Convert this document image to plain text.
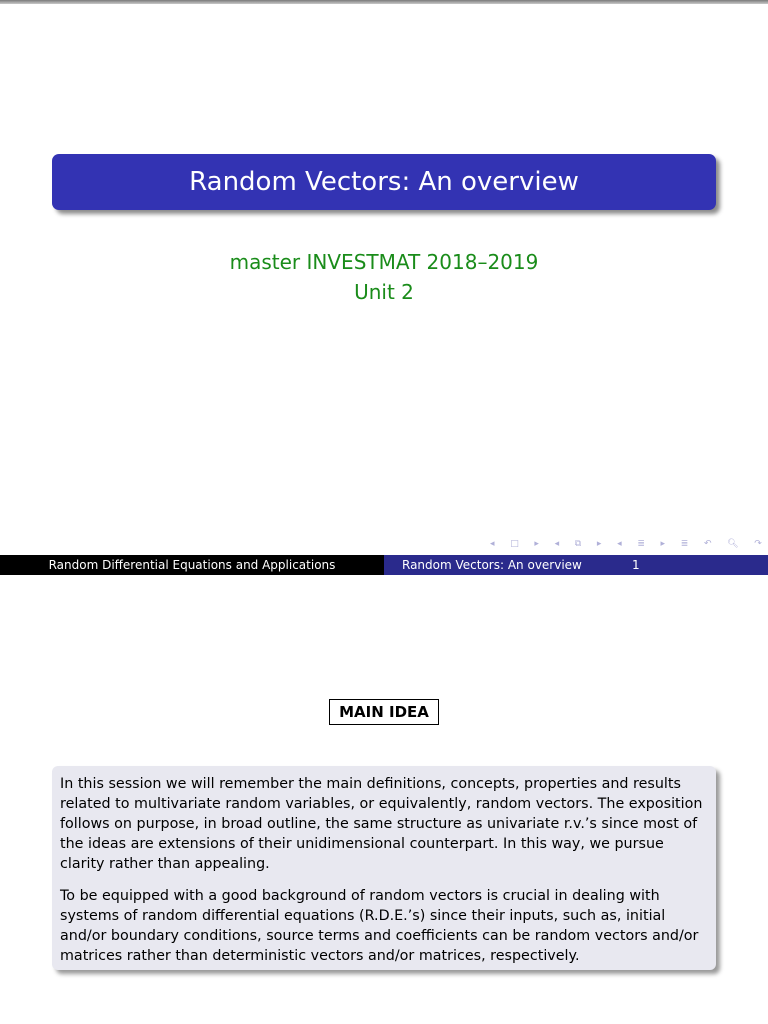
Random Vectors: An overview
master INVESTMAT 2018–2019
Unit 2
◂ □ ▸ ◂ ⧉ ▸ ◂ ≣ ▸ ≣ ↶ 🔍︎ ↷
Random Differential Equations and Applications	Random Vectors: An overview	1
MAIN IDEA

In this session we will remember the main definitions, concepts, properties and results related to multivariate random variables, or equivalently, random vectors. The exposition follows on purpose, in broad outline, the same structure as univariate r.v.’s since most of the ideas are extensions of their unidimensional counterpart. In this way, we pursue clarity rather than appealing.

To be equipped with a good background of random vectors is crucial in dealing with systems of random differential equations (R.D.E.’s) since their inputs, such as, initial and/or boundary conditions, source terms and coefficients can be random vectors and/or matrices rather than deterministic vectors and/or matrices, respectively.
